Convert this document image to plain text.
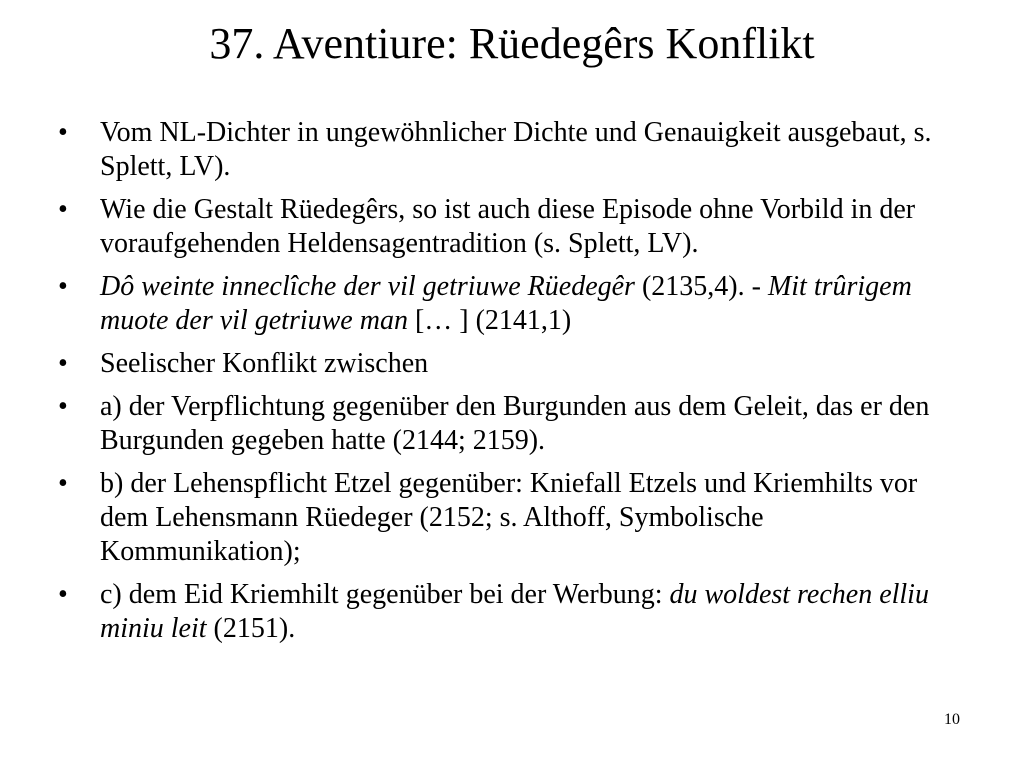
37. Aventiure: Rüedegêrs Konflikt
• Vom NL-Dichter in ungewöhnlicher Dichte und Genauigkeit ausgebaut, s. Splett, LV).
• Wie die Gestalt Rüedegêrs, so ist auch diese Episode ohne Vorbild in der voraufgehenden Heldensagentradition (s. Splett, LV).
• Dô weinte inneclîche der vil getriuwe Rüedegêr (2135,4). - Mit trûrigem muote der vil getriuwe man [… ] (2141,1)
• Seelischer Konflikt zwischen
• a) der Verpflichtung gegenüber den Burgunden aus dem Geleit, das er den Burgunden gegeben hatte (2144; 2159).
• b) der Lehenspflicht Etzel gegenüber: Kniefall Etzels und Kriemhilts vor dem Lehensmann Rüedeger (2152; s. Althoff, Symbolische Kommunikation);
• c) dem Eid Kriemhilt gegenüber bei der Werbung: du woldest rechen elliu miniu leit (2151).
10
